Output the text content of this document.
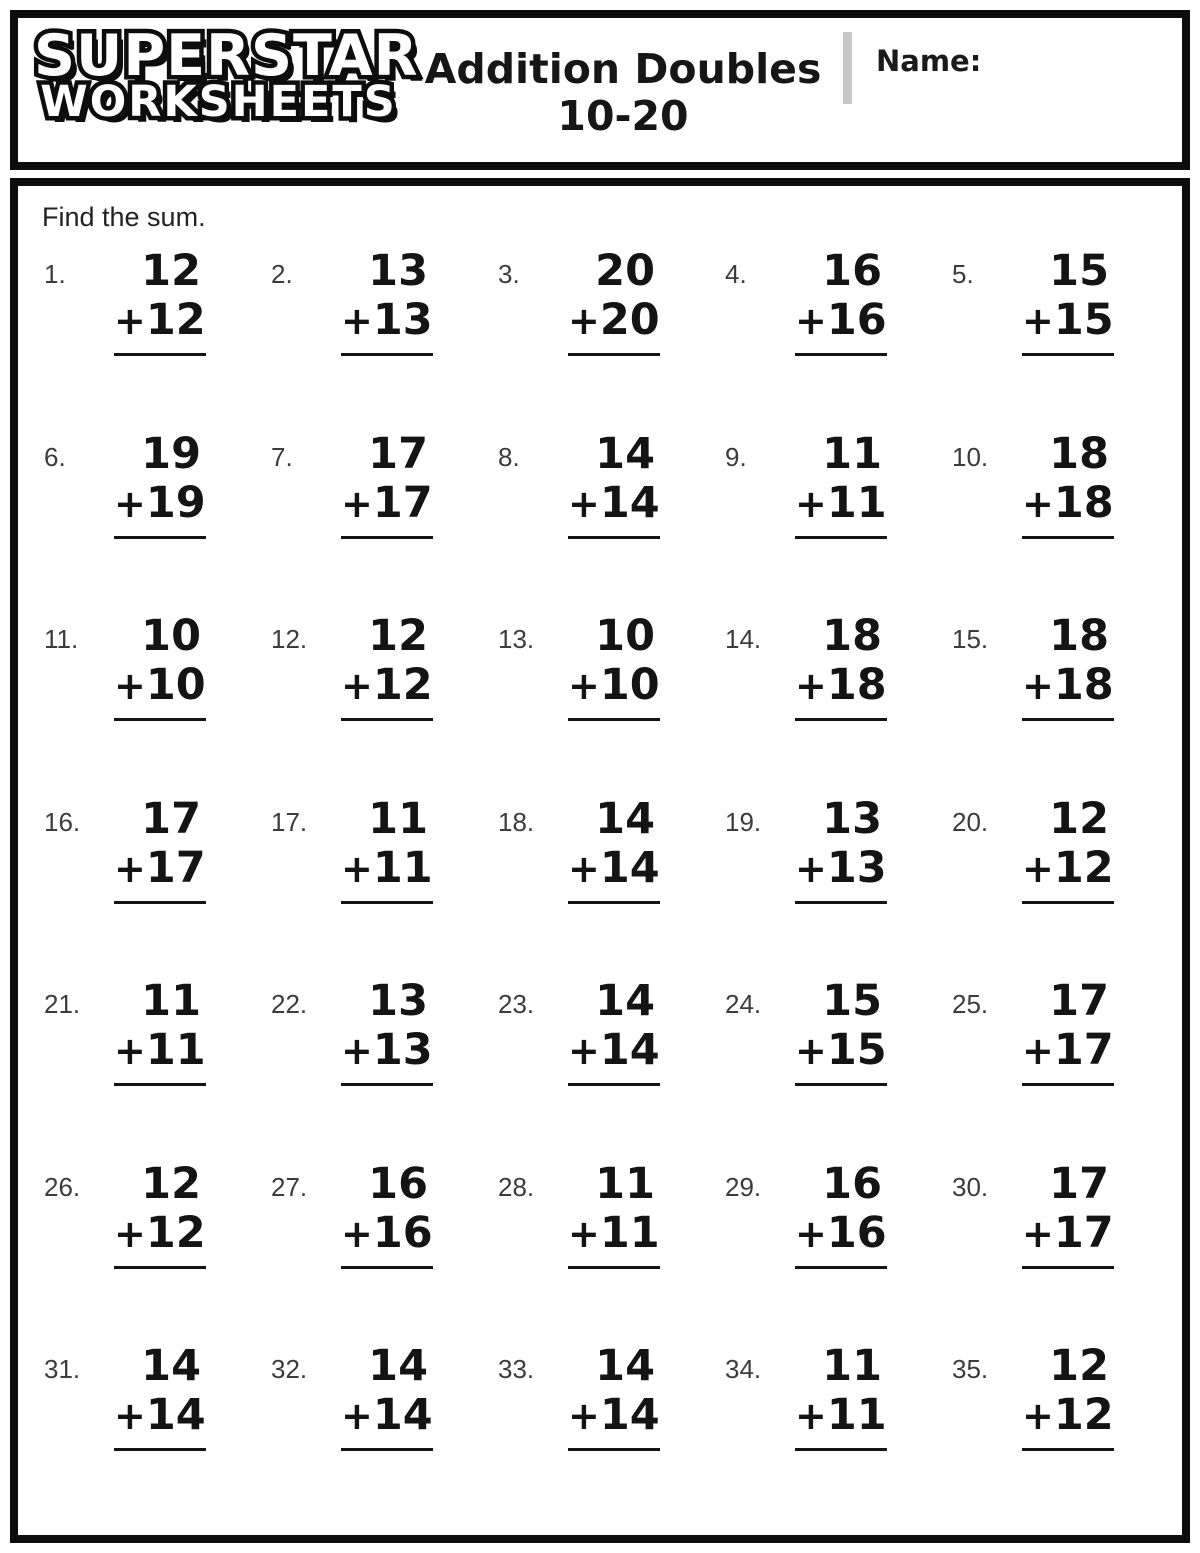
SUPERSTAR
WORKSHEETS
Addition Doubles
10-20
Name:
Find the sum.
1.	12
+ 12
2.	13
+ 13
3.	20
+ 20
4.	16
+ 16
5.	15
+ 15
6.	19
+ 19
7.	17
+ 17
8.	14
+ 14
9.	11
+ 11
10.	18
+ 18
11.	10
+ 10
12.	12
+ 12
13.	10
+ 10
14.	18
+ 18
15.	18
+ 18
16.	17
+ 17
17.	11
+ 11
18.	14
+ 14
19.	13
+ 13
20.	12
+ 12
21.	11
+ 11
22.	13
+ 13
23.	14
+ 14
24.	15
+ 15
25.	17
+ 17
26.	12
+ 12
27.	16
+ 16
28.	11
+ 11
29.	16
+ 16
30.	17
+ 17
31.	14
+ 14
32.	14
+ 14
33.	14
+ 14
34.	11
+ 11
35.	12
+ 12
